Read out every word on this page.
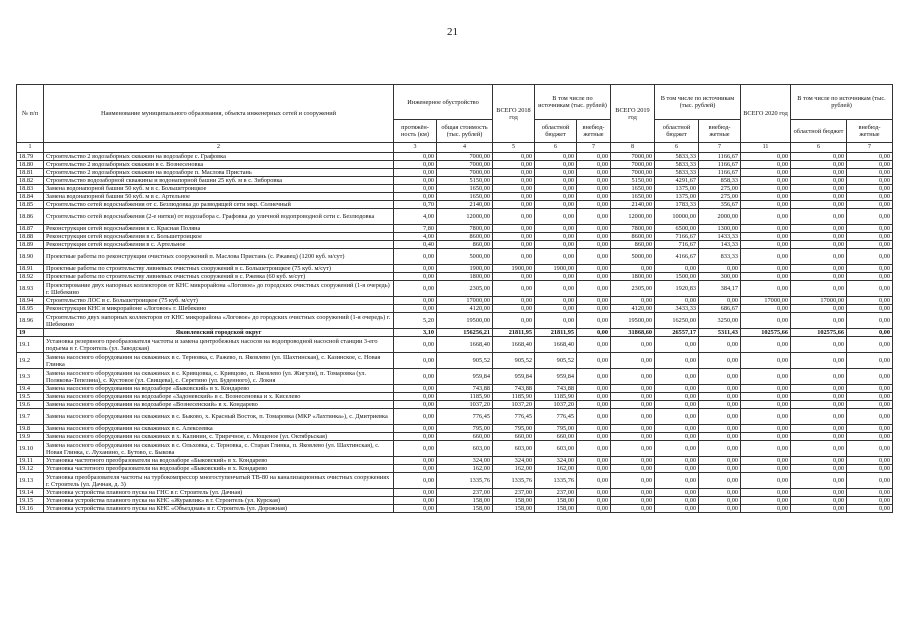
21
№ п/п	Наименование муниципального образования, объекта инженерных сетей и сооружений	Инженерное обустройство		ВСЕГО 2018 год	В том числе по источникам (тыс. рублей)		ВСЕГО 2019 год	В том числе по источникам (тыс. рублей)		ВСЕГО 2020 год	В том числе по источникам (тыс. рублей)	
		протяжён-ность (км)	общая стоимость (тыс. рублей)		областной бюджет	внебюд-жетные		областной бюджет	внебюд-жетные		областной бюджет	внебюд-жетные
1	2	3	4	5	6	7	8	6	7	11	6	7
18.79	Строительство 2 водозаборных скважин на водозаборе с. Графовка	0,00	7000,00	0,00	0,00	0,00	7000,00	5833,33	1166,67	0,00	0,00	0,00
18.80	Строительство 2 водозаборных скважин в с. Вознесеновка	0,00	7000,00	0,00	0,00	0,00	7000,00	5833,33	1166,67	0,00	0,00	0,00
18.81	Строительство 2 водозаборных скважин на водозаборе п. Маслова Пристань	0,00	7000,00	0,00	0,00	0,00	7000,00	5833,33	1166,67	0,00	0,00	0,00
18.82	Строительство водозаборной скважины и водонапорной башни 25 куб. м в с. Зиборовка	0,00	5150,00	0,00	0,00	0,00	5150,00	4291,67	858,33	0,00	0,00	0,00
18.83	Замена водонапорной башни 50 куб. м в с. Большетроицкое	0,00	1650,00	0,00	0,00	0,00	1650,00	1375,00	275,00	0,00	0,00	0,00
18.84	Замена водонапорной башни 50 куб. м в с. Артельное	0,00	1650,00	0,00	0,00	0,00	1650,00	1375,00	275,00	0,00	0,00	0,00
18.85	Строительство сетей водоснабжения от с. Безлюдовка до разводящей сети мкр. Солнечный	0,70	2140,00	0,00	0,00	0,00	2140,00	1783,33	356,67	0,00	0,00	0,00
18.86	Строительство сетей водоснабжения (2-е нитки) от водозабора с. Графовка до уличной водопроводной сети с. Безлюдовка	4,00	12000,00	0,00	0,00	0,00	12000,00	10000,00	2000,00	0,00	0,00	0,00
18.87	Реконструкция сетей водоснабжения в с. Красная Поляна	7,80	7800,00	0,00	0,00	0,00	7800,00	6500,00	1300,00	0,00	0,00	0,00
18.88	Реконструкция сетей водоснабжения в с. Большетроицкое	4,00	8600,00	0,00	0,00	0,00	8600,00	7166,67	1433,33	0,00	0,00	0,00
18.89	Реконструкция сетей водоснабжения в с. Артельное	0,40	860,00	0,00	0,00	0,00	860,00	716,67	143,33	0,00	0,00	0,00
18.90	Проектные работы по реконструкции очистных сооружений п. Маслова Пристань (с. Ржавец) (1200 куб. м/сут)	0,00	5000,00	0,00	0,00	0,00	5000,00	4166,67	833,33	0,00	0,00	0,00
18.91	Проектные работы по строительству ливневых очистных сооружений в с. Большетроицкое (75 куб. м/сут)	0,00	1900,00	1900,00	1900,00	0,00	0,00	0,00	0,00	0,00	0,00	0,00
18.92	Проектные работы по строительству ливневых очистных сооружений в с. Ржевка (60 куб. м/сут)	0,00	1800,00	0,00	0,00	0,00	1800,00	1500,00	300,00	0,00	0,00	0,00
18.93	Проектирование двух напорных коллекторов от КНС микрорайона «Логовое» до городских очистных сооружений (1-я очередь) г. Шебекино	0,00	2305,00	0,00	0,00	0,00	2305,00	1920,83	384,17	0,00	0,00	0,00
18.94	Строительство ЛОС в с. Большетроицкое (75 куб. м/сут)	0,00	17000,00	0,00	0,00	0,00	0,00	0,00	0,00	17000,00	17000,00	0,00
18.95	Реконструкция КНС в микрорайоне «Логовое» г. Шебекино	0,00	4120,00	0,00	0,00	0,00	4120,00	3433,33	686,67	0,00	0,00	0,00
18.96	Строительство двух напорных коллекторов от КНС микрорайона «Логовое» до городских очистных сооружений (1-я очередь) г. Шебекино	5,20	19500,00	0,00	0,00	0,00	19500,00	16250,00	3250,00	0,00	0,00	0,00
19	Яковлевский городской округ	3,10	156256,21	21811,95	21811,95	0,00	31868,60	26557,17	5311,43	102575,66	102575,66	0,00
19.1	Установка резервного преобразователя частоты и замена центробежных насосов на водопроводной насосной станции 3-его подъема в г. Строитель (ул. Заводская)	0,00	1668,40	1668,40	1668,40	0,00	0,00	0,00	0,00	0,00	0,00	0,00
19.2	Замена насосного оборудования на скважинах в с. Терновка, с. Ражево, п. Яковлево (ул. Шахтинская), с. Казинское, с. Новая Глинка	0,00	905,52	905,52	905,52	0,00	0,00	0,00	0,00	0,00	0,00	0,00
19.3	Замена насосного оборудования на скважинах в с. Кривцовка, с. Кривцово, п. Яковлево (ул. Жигули), п. Томаровка (ул. Полякова-Тепезина), с. Кустовое (ул. Свищева), с. Серетино (ул. Буденного), с. Локня	0,00	959,84	959,84	959,84	0,00	0,00	0,00	0,00	0,00	0,00	0,00
19.4	Замена насосного оборудования на водозаборе «Быковский» в х. Кондарево	0,00	743,88	743,88	743,88	0,00	0,00	0,00	0,00	0,00	0,00	0,00
19.5	Замена насосного оборудования на водозаборе «Задоневский» в с. Вознесеновка и х. Киселево	0,00	1185,90	1185,90	1185,90	0,00	0,00	0,00	0,00	0,00	0,00	0,00
19.6	Замена насосного оборудования на водозаборе «Вознесенский» в х. Кондарево	0,00	1037,20	1037,20	1037,20	0,00	0,00	0,00	0,00	0,00	0,00	0,00
19.7	Замена насосного оборудования на скважинах в с. Быково, х. Красный Восток, п. Томаровка (МКР «Лахтинка»), с. Дмитриевка	0,00	776,45	776,45	776,45	0,00	0,00	0,00	0,00	0,00	0,00	0,00
19.8	Замена насосного оборудования на скважинах в с. Алексеевка	0,00	795,00	795,00	795,00	0,00	0,00	0,00	0,00	0,00	0,00	0,00
19.9	Замена насосного оборудования на скважинах в х. Калинин, с. Триречное, с. Мощеное (ул. Октябрьская)	0,00	660,00	660,00	660,00	0,00	0,00	0,00	0,00	0,00	0,00	0,00
19.10	Замена насосного оборудования на скважинах в с. Ольховка, с. Терновка, с. Старая Глинка, п. Яковлево (ул. Шахтинская), с. Новая Глинка, с. Луханино, с. Бутово, с. Быкова	0,00	603,00	603,00	603,00	0,00	0,00	0,00	0,00	0,00	0,00	0,00
19.11	Установка частотного преобразователя на водозаборе «Быковский» в х. Кондарево	0,00	324,00	324,00	324,00	0,00	0,00	0,00	0,00	0,00	0,00	0,00
19.12	Установка частотного преобразователя на водозаборе «Быковский» в х. Кондарево	0,00	162,00	162,00	162,00	0,00	0,00	0,00	0,00	0,00	0,00	0,00
19.13	Установка преобразователя частоты на турбокомпрессор многоступенчатый ТВ-80 на канализационных очистных сооружениях г. Строитель (ул. Дачная, д. 3)	0,00	1335,76	1335,76	1335,76	0,00	0,00	0,00	0,00	0,00	0,00	0,00
19.14	Установка устройства плавного пуска на ГНС в г. Строитель (ул. Дачная)	0,00	237,00	237,00	237,00	0,00	0,00	0,00	0,00	0,00	0,00	0,00
19.15	Установка устройства плавного пуска на КНС «Журавлик» в г. Строитель (ул. Курская)	0,00	158,00	158,00	158,00	0,00	0,00	0,00	0,00	0,00	0,00	0,00
19.16	Установка устройства плавного пуска на КНС «Объездная» в г. Строитель (ул. Дорожная)	0,00	158,00	158,00	158,00	0,00	0,00	0,00	0,00	0,00	0,00	0,00
